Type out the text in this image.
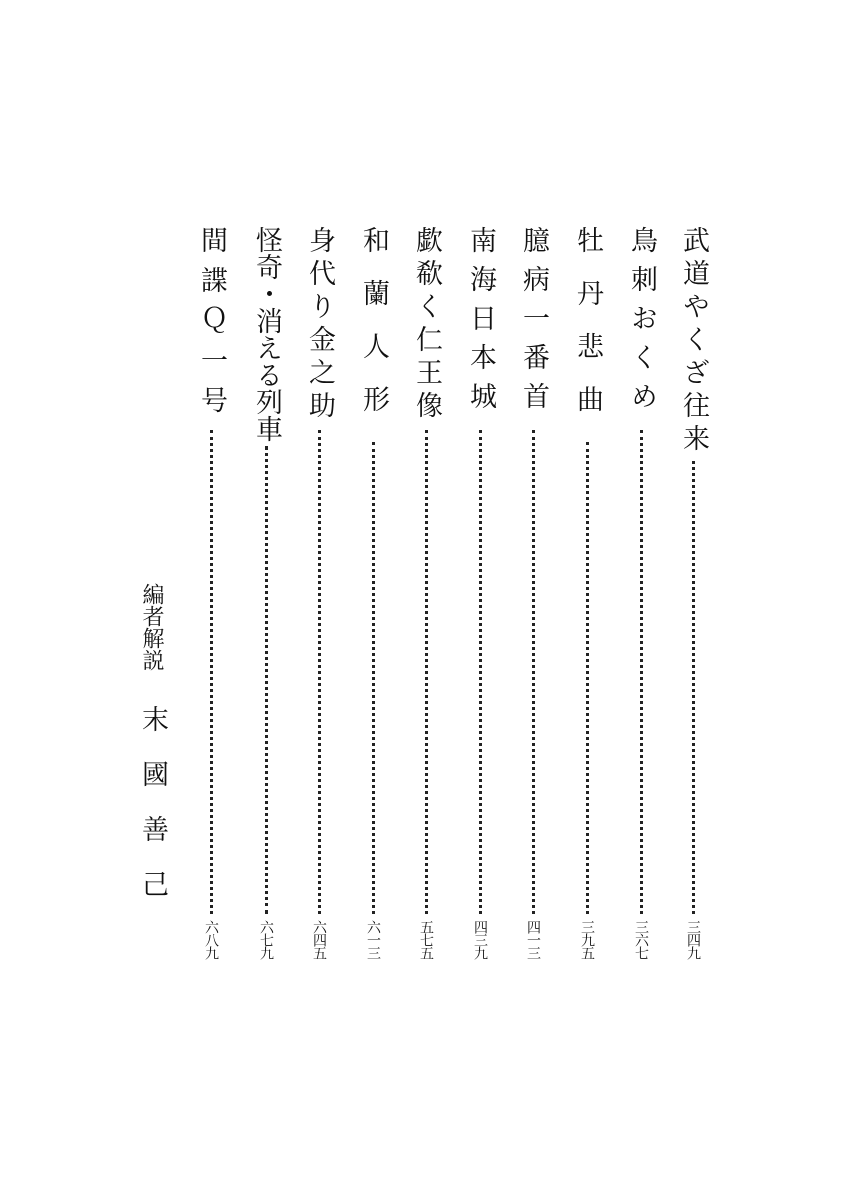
武道やくざ往来
三四九
鳥刺おくめ
三六七
牡丹悲曲
三九五
臆病一番首
四一三
南海日本城
四三九
歔欷く仁王像
五七五
和蘭人形
六一三
身代り金之助
六四五
怪奇・消える列車
六七九
間諜Ｑ一号
六八九
編者解説
末國善己
